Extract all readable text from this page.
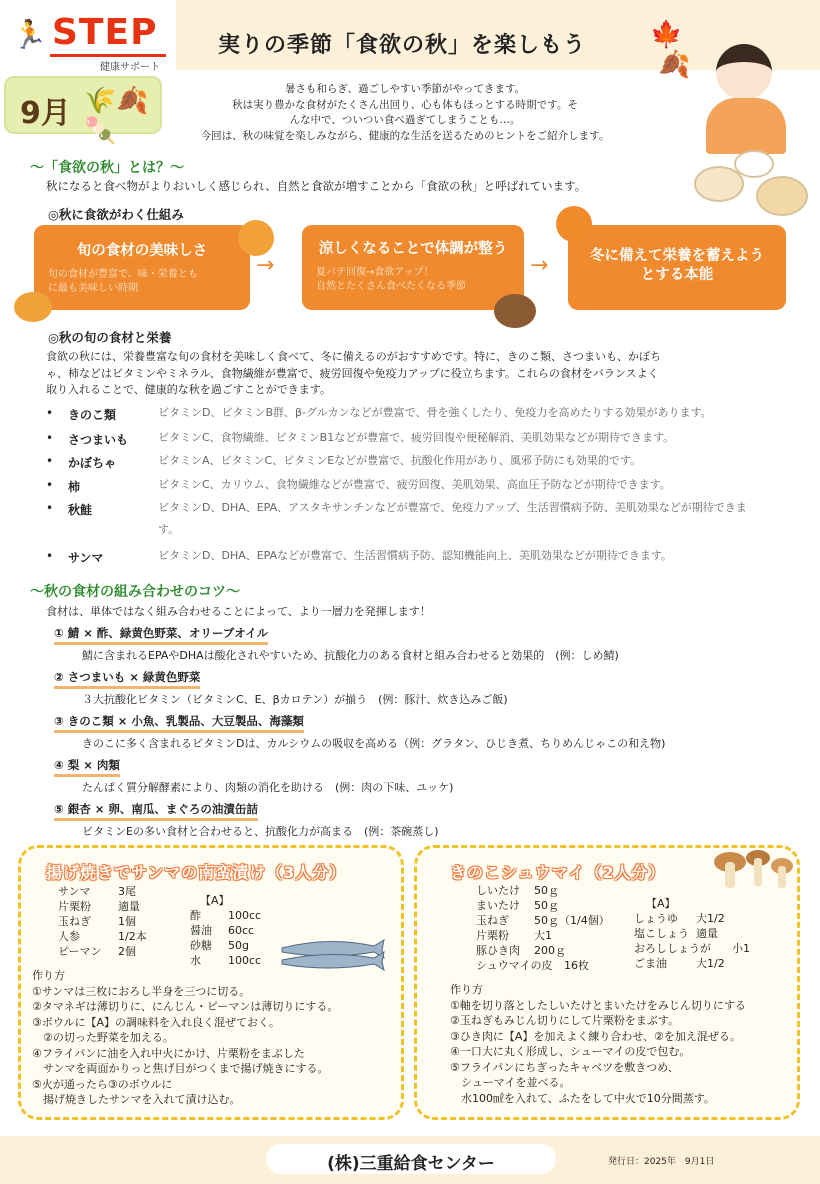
🏃 STEP
健康サポート
9月 🌾🍂🍡
実りの季節「食欲の秋」を楽しもう
暑さも和らぎ、過ごしやすい季節がやってきます。
秋は実り豊かな食材がたくさん出回り、心も体もほっとする時期です。そ
んな中で、ついつい食べ過ぎてしまうことも…。
今回は、秋の味覚を楽しみながら、健康的な生活を送るためのヒントをご紹介します。
🍁
🍂
〜「食欲の秋」とは？〜
秋になると食べ物がよりおいしく感じられ、自然と食欲が増すことから「食欲の秋」と呼ばれています。
◎秋に食欲がわく仕組み
旬の食材の美味しさ
旬の食材が豊富で、味・栄養とも
に最も美味しい時期
→
涼しくなることで体調が整う
夏バテ回復→食欲アップ！
自然とたくさん食べたくなる季節
→	冬に備えて栄養を蓄えようとする本能
◎秋の旬の食材と栄養
食欲の秋には、栄養豊富な旬の食材を美味しく食べて、冬に備えるのがおすすめです。特に、きのこ類、さつまいも、かぼち
ゃ、柿などはビタミンやミネラル、食物繊維が豊富で、疲労回復や免疫力アップに役立ちます。これらの食材をバランスよく
取り入れることで、健康的な秋を過ごすことができます。
• きのこ類	ビタミンD、ビタミンB群、β-グルカンなどが豊富で、骨を強くしたり、免疫力を高めたりする効果があります。
• さつまいも	ビタミンC、食物繊維、ビタミンB1などが豊富で、疲労回復や便秘解消、美肌効果などが期待できます。
• かぼちゃ	ビタミンA、ビタミンC、ビタミンEなどが豊富で、抗酸化作用があり、風邪予防にも効果的です。
• 柿	ビタミンC、カリウム、食物繊維などが豊富で、疲労回復、美肌効果、高血圧予防などが期待できます。
• 秋鮭	ビタミンD、DHA、EPA、アスタキサンチンなどが豊富で、免疫力アップ、生活習慣病予防、美肌効果などが期待できます。
• サンマ	ビタミンD、DHA、EPAなどが豊富で、生活習慣病予防、認知機能向上、美肌効果などが期待できます。
〜秋の食材の組み合わせのコツ〜
食材は、単体ではなく組み合わせることによって、より一層力を発揮します！
① 鯖 × 酢、緑黄色野菜、オリーブオイル
鯖に含まれるEPAやDHAは酸化されやすいため、抗酸化力のある食材と組み合わせると効果的　(例：しめ鯖)
② さつまいも × 緑黄色野菜
３大抗酸化ビタミン（ビタミンC、E、βカロテン）が揃う　(例：豚汁、炊き込みご飯)
③ きのこ類 × 小魚、乳製品、大豆製品、海藻類
きのこに多く含まれるビタミンDは、カルシウムの吸収を高める（例：グラタン、ひじき煮、ちりめんじゃこの和え物)
④ 梨 × 肉類
たんぱく質分解酵素により、肉類の消化を助ける　(例：肉の下味、ユッケ)
⑤ 銀杏 × 卵、南瓜、まぐろの油漬缶詰
ビタミンEの多い食材と合わせると、抗酸化力が高まる　(例：茶碗蒸し)
揚げ焼きでサンマの南蛮漬け（3人分）
サンマ	3尾
片栗粉 適量
玉ねぎ 1個
人参	1/2本
ピーマン 2個
【A】
酢 100cc
醤油 60cc
砂糖 50g
水 100cc
作り方
①サンマは三枚におろし半身を三つに切る。
②タマネギは薄切りに、にんじん・ピーマンは薄切りにする。
③ボウルに【A】の調味料を入れ良く混ぜておく。
　②の切った野菜を加える。
④フライパンに油を入れ中火にかけ、片栗粉をまぶした
　サンマを両面かりっと焦げ目がつくまで揚げ焼きにする。
⑤火が通ったら③のボウルに
　揚げ焼きしたサンマを入れて漬け込む。
きのこシュウマイ（2人分）
しいたけ 50ｇ
まいたけ 50ｇ
玉ねぎ 50ｇ（1/4個）
片栗粉 大1
豚ひき肉 200ｇ
シュウマイの皮 16枚
【A】
しょうゆ 大1/2
塩こしょう 適量
おろししょうが 小1
ごま油	大1/2
作り方
①軸を切り落としたしいたけとまいたけをみじん切りにする
②玉ねぎもみじん切りにして片栗粉をまぶす。
③ひき肉に【A】を加えよく練り合わせ、②を加え混ぜる。
④一口大に丸く形成し、シューマイの皮で包む。
⑤フライパンにちぎったキャベツを敷きつめ、
　シューマイを並べる。
　水100㎖を入れて、ふたをして中火で10分間蒸す。
(株)三重給食センター	発行日：2025年　9月1日
